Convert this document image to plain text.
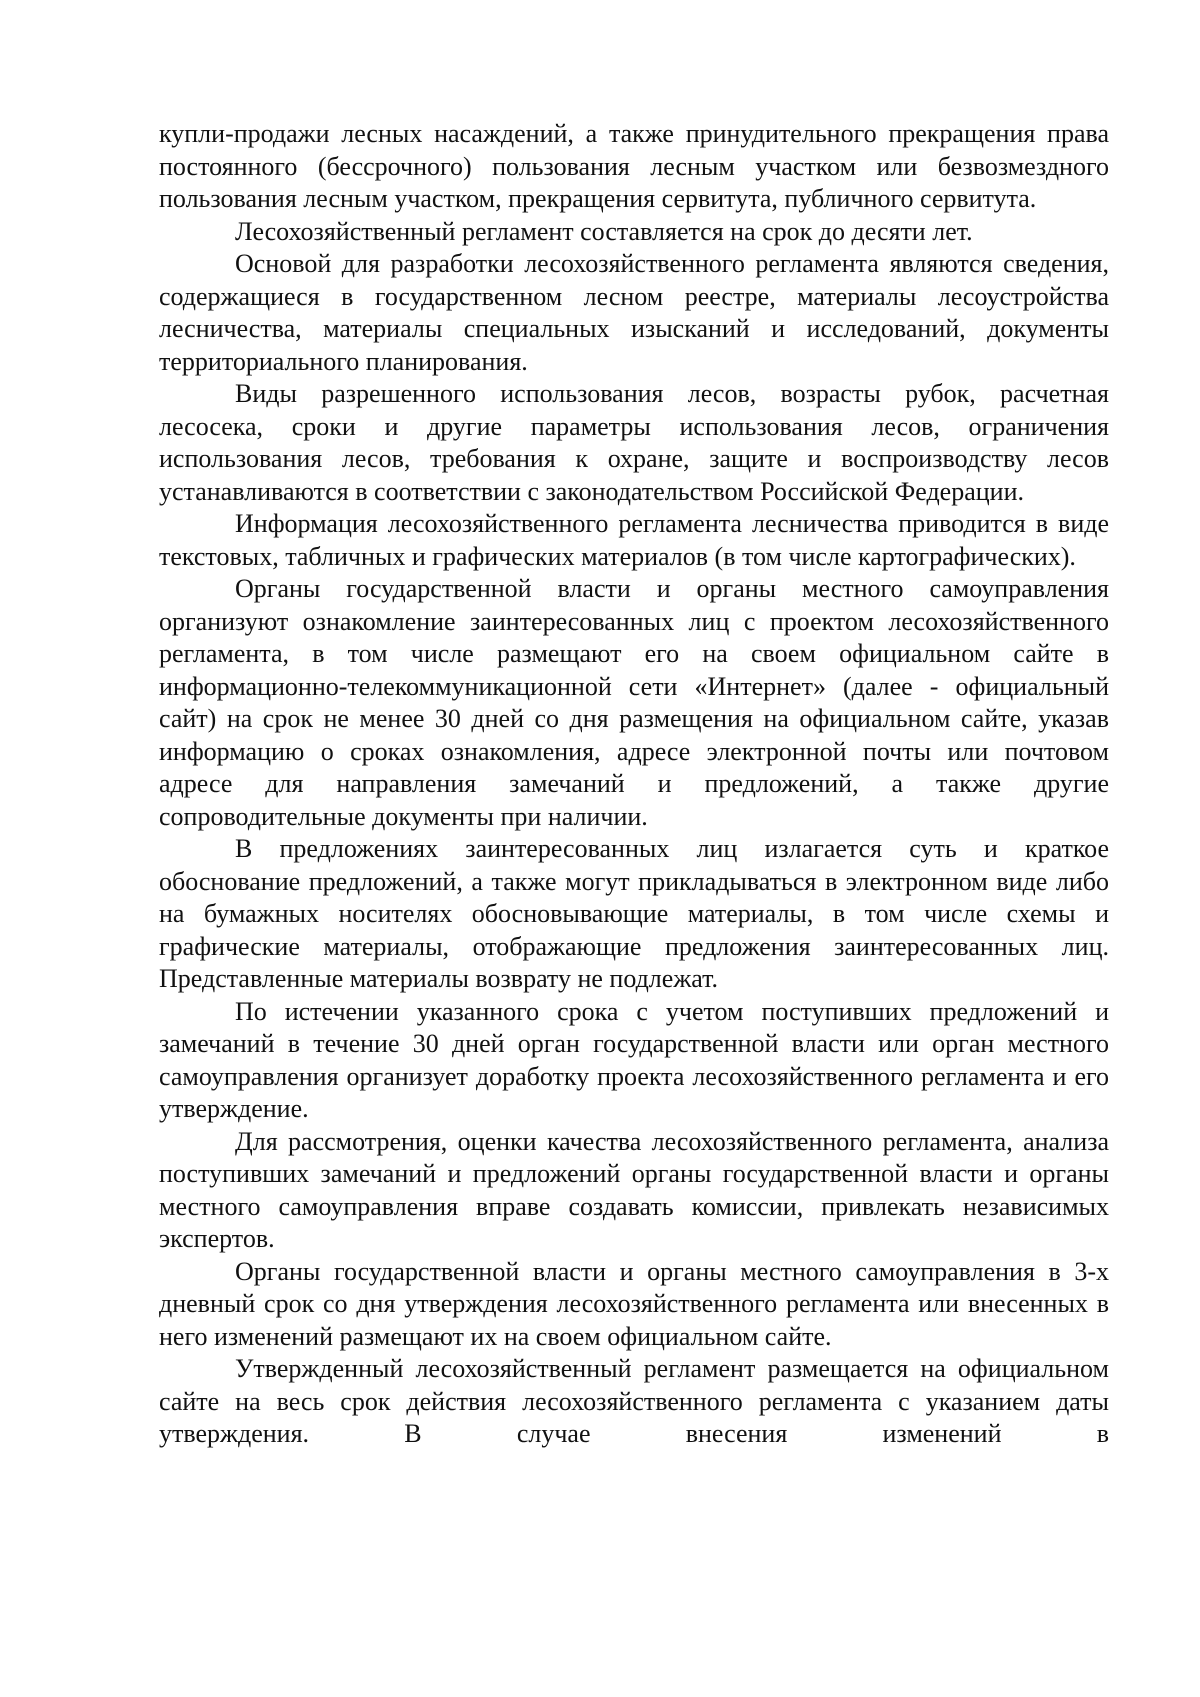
купли-продажи лесных насаждений, а также принудительного прекращения права постоянного (бессрочного) пользования лесным участком или безвозмездного пользования лесным участком, прекращения сервитута, публичного сервитута.

Лесохозяйственный регламент составляется на срок до десяти лет.

Основой для разработки лесохозяйственного регламента являются сведения, содержащиеся в государственном лесном реестре, материалы лесоустройства лесничества, материалы специальных изысканий и исследований, документы территориального планирования.

Виды разрешенного использования лесов, возрасты рубок, расчетная лесосека, сроки и другие параметры использования лесов, ограничения использования лесов, требования к охране, защите и воспроизводству лесов устанавливаются в соответствии с законодательством Российской Федерации.

Информация лесохозяйственного регламента лесничества приводится в виде текстовых, табличных и графических материалов (в том числе картографических).

Органы государственной власти и органы местного самоуправления организуют ознакомление заинтересованных лиц с проектом лесохозяйственного регламента, в том числе размещают его на своем официальном сайте в информационно-телекоммуникационной сети «Интернет» (далее - официальный сайт) на срок не менее 30 дней со дня размещения на официальном сайте, указав информацию о сроках ознакомления, адресе электронной почты или почтовом адресе для направления замечаний и предложений, а также другие сопроводительные документы при наличии.

В предложениях заинтересованных лиц излагается суть и краткое обоснование предложений, а также могут прикладываться в электронном виде либо на бумажных носителях обосновывающие материалы, в том числе схемы и графические материалы, отображающие предложения заинтересованных лиц. Представленные материалы возврату не подлежат.

По истечении указанного срока с учетом поступивших предложений и замечаний в течение 30 дней орган государственной власти или орган местного самоуправления организует доработку проекта лесохозяйственного регламента и его утверждение.

Для рассмотрения, оценки качества лесохозяйственного регламента, анализа поступивших замечаний и предложений органы государственной власти и органы местного самоуправления вправе создавать комиссии, привлекать независимых экспертов.

Органы государственной власти и органы местного самоуправления в 3-х дневный срок со дня утверждения лесохозяйственного регламента или внесенных в него изменений размещают их на своем официальном сайте.

Утвержденный лесохозяйственный регламент размещается на официальном сайте на весь срок действия лесохозяйственного регламента с указанием даты утверждения. В случае внесения изменений в
